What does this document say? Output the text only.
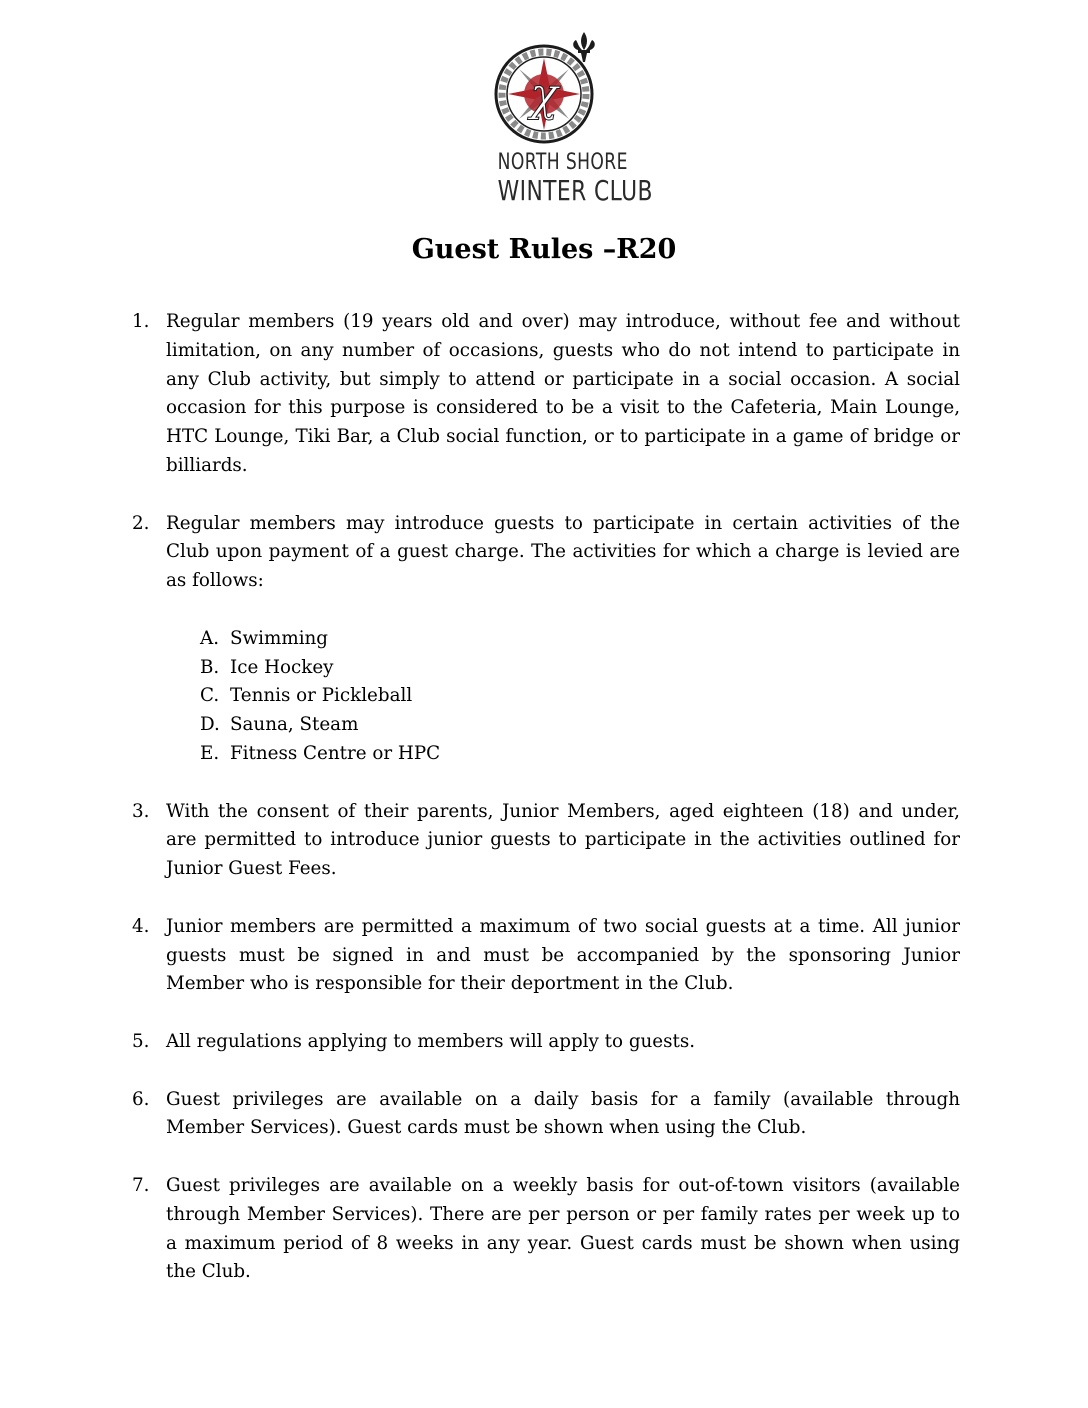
χ
NORTH SHORE
WINTER CLUB
Guest Rules –R20
1. Regular members (19 years old and over) may introduce, without fee and without limitation, on any number of occasions, guests who do not intend to participate in any Club activity, but simply to attend or participate in a social occasion. A social occasion for this purpose is considered to be a visit to the Cafeteria, Main Lounge, HTC Lounge, Tiki Bar, a Club social function, or to participate in a game of bridge or billiards.
2. Regular members may introduce guests to participate in certain activities of the Club upon payment of a guest charge. The activities for which a charge is levied are as follows:
A. Swimming
B. Ice Hockey
C. Tennis or Pickleball
D. Sauna, Steam
E. Fitness Centre or HPC
3. With the consent of their parents, Junior Members, aged eighteen (18) and under, are permitted to introduce junior guests to participate in the activities outlined for Junior Guest Fees.
4. Junior members are permitted a maximum of two social guests at a time. All junior guests must be signed in and must be accompanied by the sponsoring Junior Member who is responsible for their deportment in the Club.
5. All regulations applying to members will apply to guests.
6. Guest privileges are available on a daily basis for a family (available through Member Services). Guest cards must be shown when using the Club.
7. Guest privileges are available on a weekly basis for out-of-town visitors (available through Member Services). There are per person or per family rates per week up to a maximum period of 8 weeks in any year. Guest cards must be shown when using the Club.
